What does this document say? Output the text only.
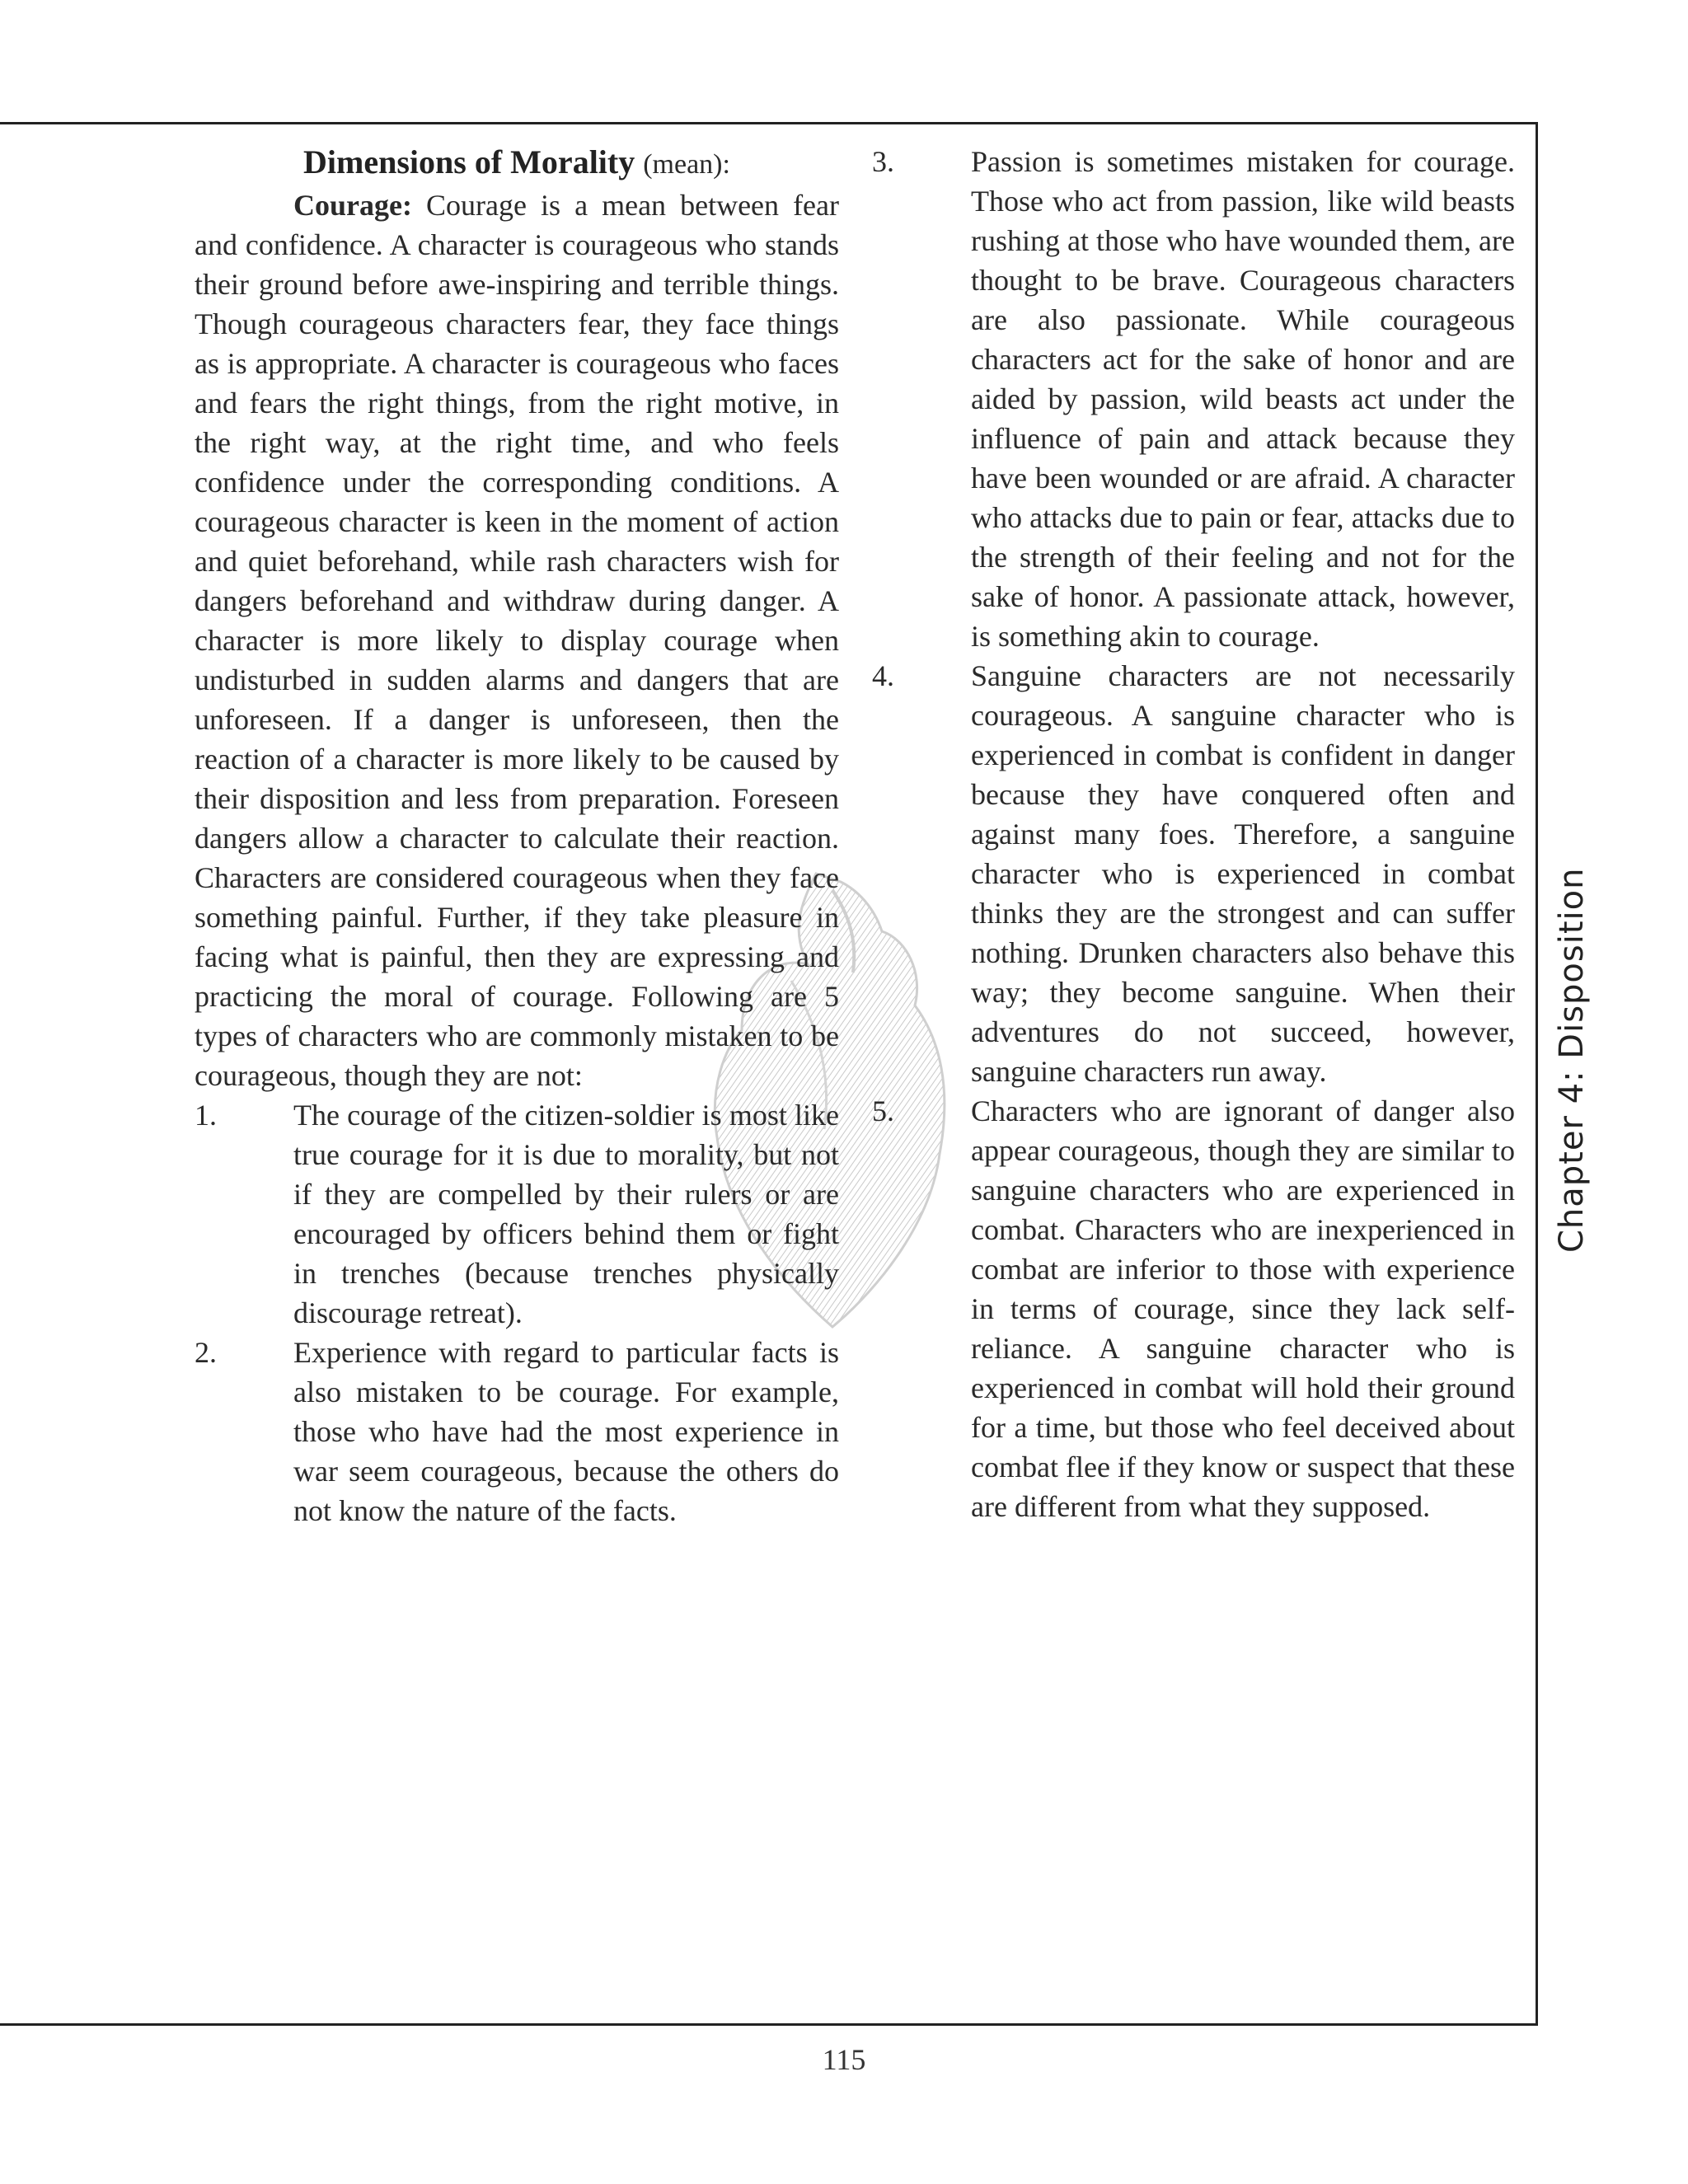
Dimensions of Morality (mean):

Courage: Courage is a mean between fear and confidence. A character is courageous who stands their ground before awe-inspiring and terrible things. Though courageous characters fear, they face things as is appropriate. A character is courageous who faces and fears the right things, from the right motive, in the right way, at the right time, and who feels confidence under the corresponding conditions. A courageous character is keen in the moment of action and quiet beforehand, while rash characters wish for dangers beforehand and withdraw during danger. A character is more likely to display courage when undisturbed in sudden alarms and dangers that are unforeseen. If a danger is unforeseen, then the reaction of a character is more likely to be caused by their disposition and less from preparation. Foreseen dangers allow a character to calculate their reaction. Characters are considered courageous when they face something painful. Further, if they take pleasure in facing what is painful, then they are expressing and practicing the moral of courage. Following are 5 types of characters who are commonly mistaken to be courageous, though they are not:

1.	The courage of the citizen-soldier is most like true courage for it is due to morality, but not if they are compelled by their rulers or are encouraged by officers behind them or fight in trenches (because trenches physically discourage retreat).
2.	Experience with regard to particular facts is also mistaken to be courage. For example, those who have had the most experience in war seem courageous, because the others do not know the nature of the facts.
3.	Passion is sometimes mistaken for courage. Those who act from passion, like wild beasts rushing at those who have wounded them, are thought to be brave. Courageous characters are also passionate. While courageous characters act for the sake of honor and are aided by passion, wild beasts act under the influence of pain and attack because they have been wounded or are afraid. A character who attacks due to pain or fear, attacks due to the strength of their feeling and not for the sake of honor. A passionate attack, however, is something akin to courage.
4.	Sanguine characters are not necessarily courageous. A sanguine character who is experienced in combat is confident in danger because they have conquered often and against many foes. Therefore, a sanguine character who is experienced in combat thinks they are the strongest and can suffer nothing. Drunken characters also behave this way; they become sanguine. When their adventures do not succeed, however, sanguine characters run away.
5.	Characters who are ignorant of danger also appear courageous, though they are similar to sanguine characters who are experienced in combat. Characters who are inexperienced in combat are inferior to those with experience in terms of courage, since they lack self-reliance. A sanguine character who is experienced in combat will hold their ground for a time, but those who feel deceived about combat flee if they know or suspect that these are different from what they supposed.
Chapter 4: Disposition
115
